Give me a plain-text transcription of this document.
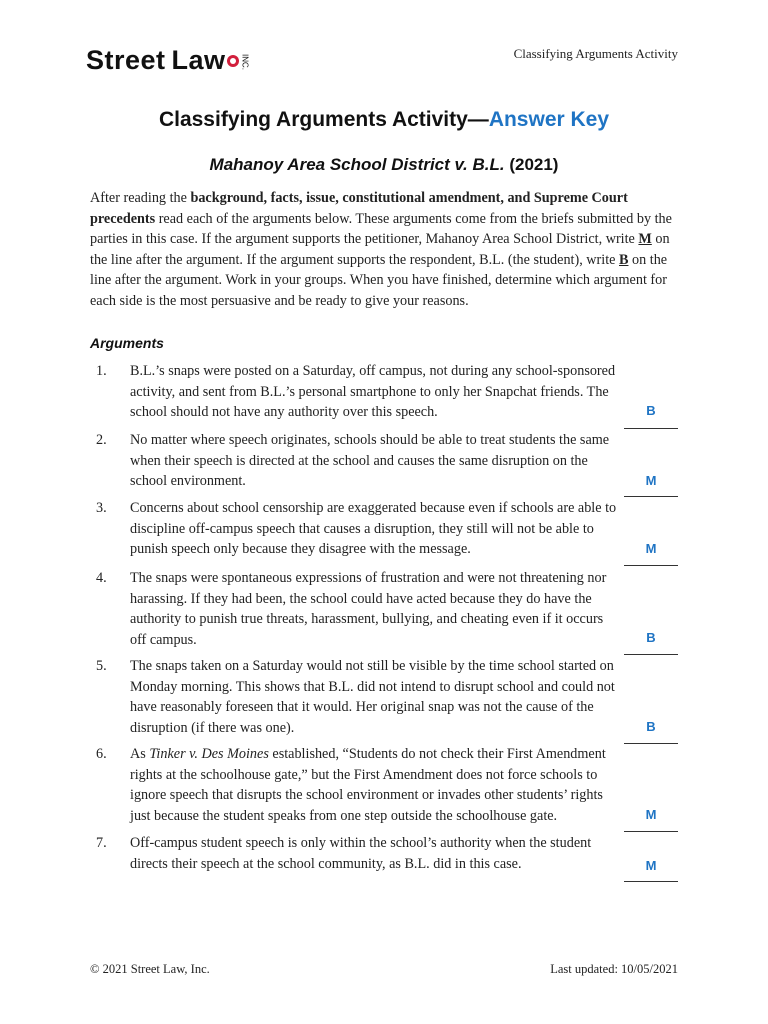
Street Law INC.
Classifying Arguments Activity
Classifying Arguments Activity—Answer Key
Mahanoy Area School District v. B.L. (2021)
After reading the background, facts, issue, constitutional amendment, and Supreme Court precedents read each of the arguments below. These arguments come from the briefs submitted by the parties in this case. If the argument supports the petitioner, Mahanoy Area School District, write M on the line after the argument. If the argument supports the respondent, B.L. (the student), write B on the line after the argument. Work in your groups. When you have finished, determine which argument for each side is the most persuasive and be ready to give your reasons.
Arguments
1. B.L.’s snaps were posted on a Saturday, off campus, not during any school-sponsored activity, and sent from B.L.’s personal smartphone to only her Snapchat friends. The school should not have any authority over this speech.	B
2. No matter where speech originates, schools should be able to treat students the same when their speech is directed at the school and causes the same disruption on the school environment.	M
3. Concerns about school censorship are exaggerated because even if schools are able to discipline off-campus speech that causes a disruption, they still will not be able to punish speech only because they disagree with the message.	M
4. The snaps were spontaneous expressions of frustration and were not threatening nor harassing. If they had been, the school could have acted because they do have the authority to punish true threats, harassment, bullying, and cheating even if it occurs off campus.	B
5. The snaps taken on a Saturday would not still be visible by the time school started on Monday morning. This shows that B.L. did not intend to disrupt school and could not have reasonably foreseen that it would. Her original snap was not the cause of the disruption (if there was one).	B
6. As Tinker v. Des Moines established, “Students do not check their First Amendment rights at the schoolhouse gate,” but the First Amendment does not force schools to ignore speech that disrupts the school environment or invades other students’ rights just because the student speaks from one step outside the schoolhouse gate.	M
7. Off-campus student speech is only within the school’s authority when the student directs their speech at the school community, as B.L. did in this case.	M
© 2021 Street Law, Inc.	Last updated: 10/05/2021
